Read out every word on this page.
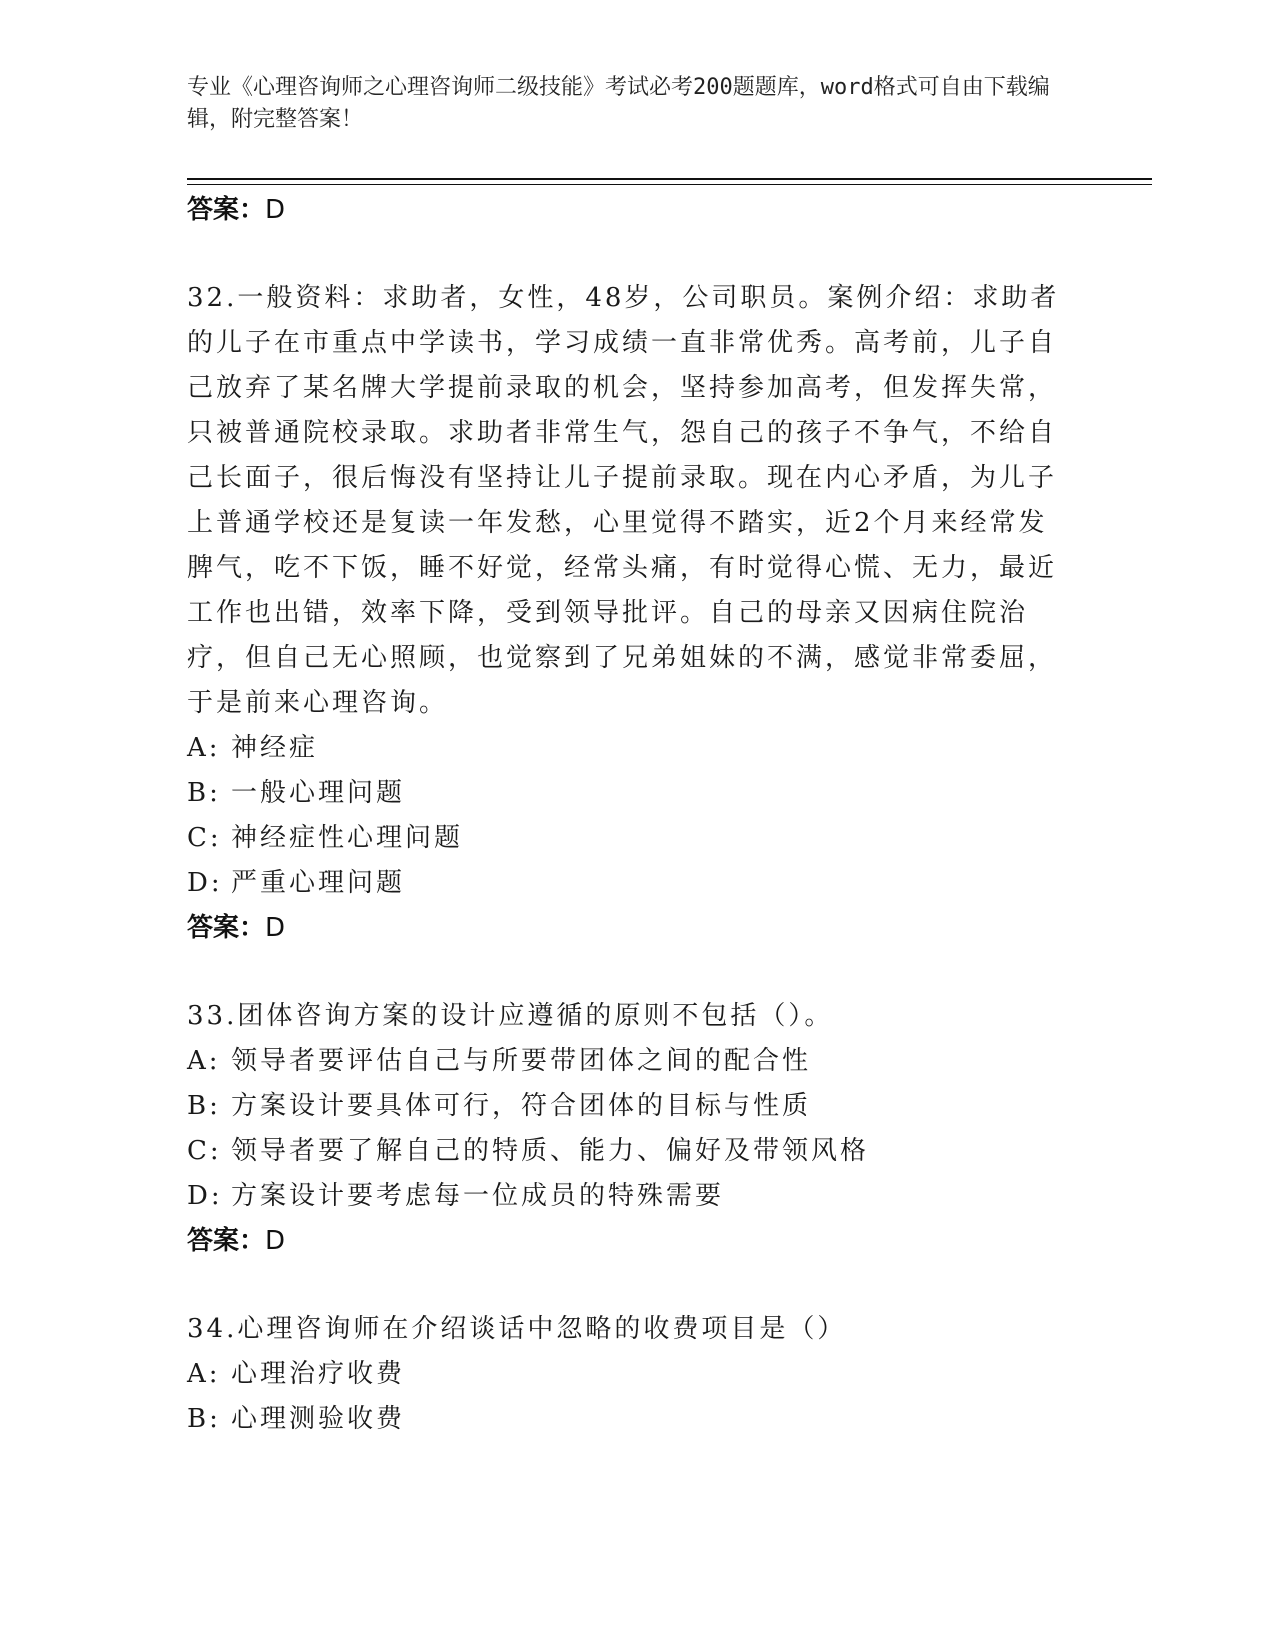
专业《心理咨询师之心理咨询师二级技能》考试必考200题题库，word格式可自由下载编辑，附完整答案！
答案：D
32.一般资料：求助者，女性，48岁，公司职员。案例介绍：求助者的儿子在市重点中学读书，学习成绩一直非常优秀。高考前，儿子自己放弃了某名牌大学提前录取的机会，坚持参加高考，但发挥失常，只被普通院校录取。求助者非常生气，怨自己的孩子不争气，不给自己长面子，很后悔没有坚持让儿子提前录取。现在内心矛盾，为儿子上普通学校还是复读一年发愁，心里觉得不踏实，近2个月来经常发脾气，吃不下饭，睡不好觉，经常头痛，有时觉得心慌、无力，最近工作也出错，效率下降，受到领导批评。自己的母亲又因病住院治疗，但自己无心照顾，也觉察到了兄弟姐妹的不满，感觉非常委屈，于是前来心理咨询。
A: 神经症
B: 一般心理问题
C: 神经症性心理问题
D: 严重心理问题
答案：D
33.团体咨询方案的设计应遵循的原则不包括（）。
A: 领导者要评估自己与所要带团体之间的配合性
B: 方案设计要具体可行，符合团体的目标与性质
C: 领导者要了解自己的特质、能力、偏好及带领风格
D: 方案设计要考虑每一位成员的特殊需要
答案：D
34.心理咨询师在介绍谈话中忽略的收费项目是（）
A: 心理治疗收费
B: 心理测验收费
